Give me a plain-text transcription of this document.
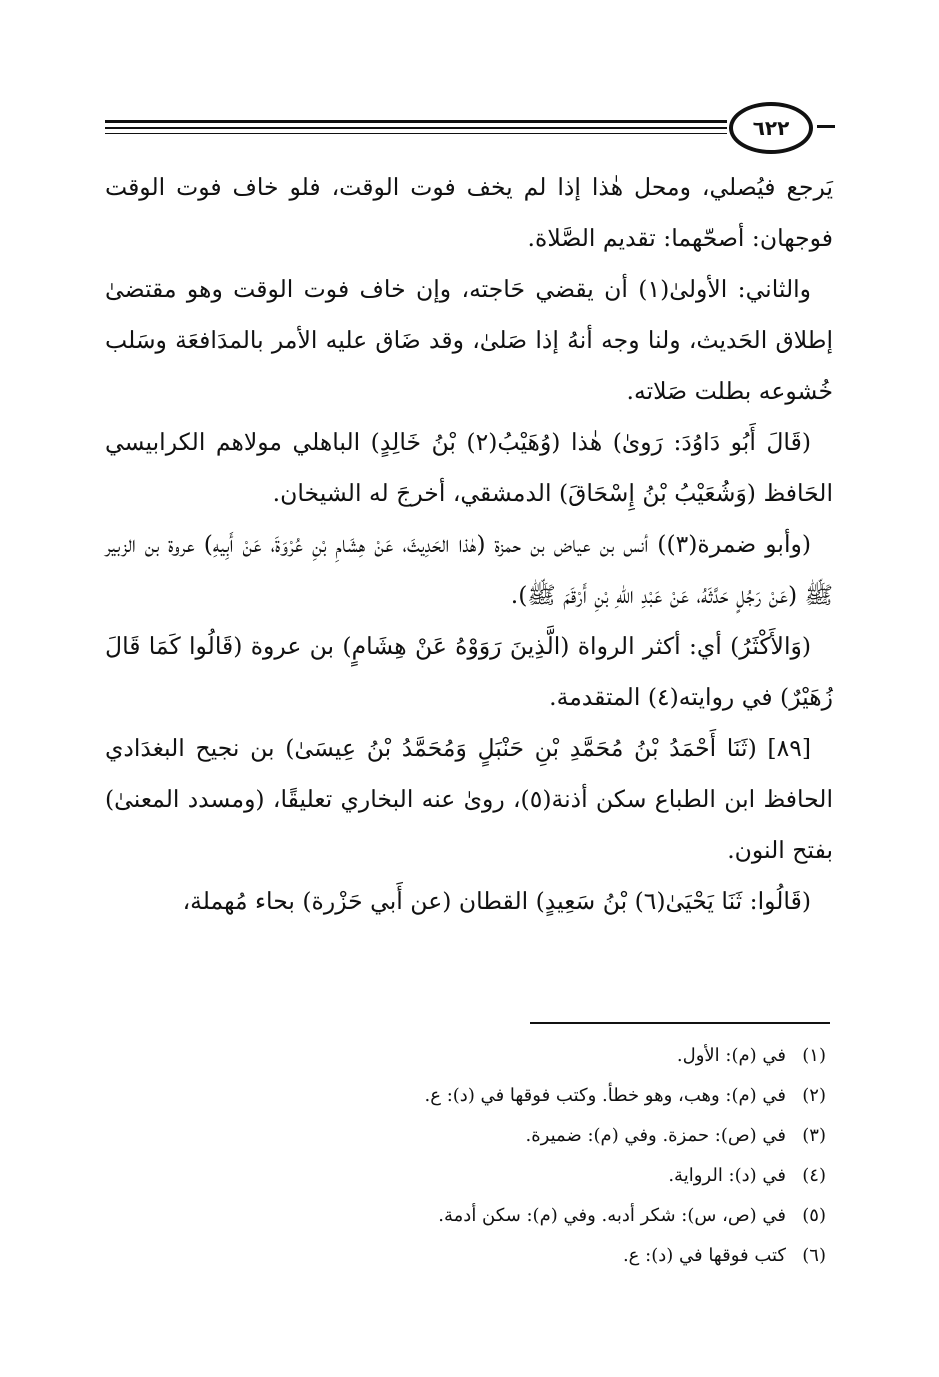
٦٢٢

يَرجع فيُصلي، ومحل هٰذا إذا لم يخف فوت الوقت، فلو خاف فوت الوقت فوجهان: أصحّهما: تقديم الصَّلاة.

والثاني: الأولىٰ(١) أن يقضي حَاجته، وإن خاف فوت الوقت وهو مقتضىٰ إطلاق الحَديث، ولنا وجه أنهُ إذا صَلىٰ، وقد ضَاق عليه الأمر بالمدَافعَة وسَلب خُشوعه بطلت صَلاته.

(قَالَ أَبُو دَاوُدَ: رَوىٰ) هٰذا (وُهَيْبُ(٢) بْنُ خَالِدٍ) الباهلي مولاهم الكرابيسي الحَافظ (وَشُعَيْبُ بْنُ إِسْحَاقَ) الدمشقي، أخرجَ له الشيخان.

(وأبو ضمرة(٣)) أنس بن عياض بن حمزة (هٰذا الحَدِيثَ، عَنْ هِشَامِ بْنِ عُرْوَةَ، عَنْ أَبِيهِ) عروة بن الزبير ﷺ (عَنْ رَجُلٍ حَدَّثَهُ، عَنْ عَبْدِ اللهِ بْنِ أَرْقَمَ ﷺ).

(وَالأَكْثَرُ) أي: أكثر الرواة (الَّذِينَ رَوَوْهُ عَنْ هِشَامٍ) بن عروة (قَالُوا كَمَا قَالَ زُهَيْرٌ) في روايته(٤) المتقدمة.

[٨٩] (ثَنَا أَحْمَدُ بْنُ مُحَمَّدِ بْنِ حَنْبَلٍ وَمُحَمَّدُ بْنُ عِيسَىٰ) بن نجيح البغدَادي الحافظ ابن الطباع سكن أذنة(٥)، روىٰ عنه البخاري تعليقًا، (ومسدد المعنىٰ) بفتح النون.

(قَالُوا: ثَنَا يَحْيَىٰ(٦) بْنُ سَعِيدٍ) القطان (عن أَبي حَزْرة) بحاء مُهملة،

(١)في (م): الأول.
(٢)في (م): وهب، وهو خطأ. وكتب فوقها في (د): ع.
(٣)في (ص): حمزة. وفي (م): ضميرة.
(٤)في (د): الرواية.
(٥)في (ص، س): شكر أدبه. وفي (م): سكن أدمة.
(٦)كتب فوقها في (د): ع.
